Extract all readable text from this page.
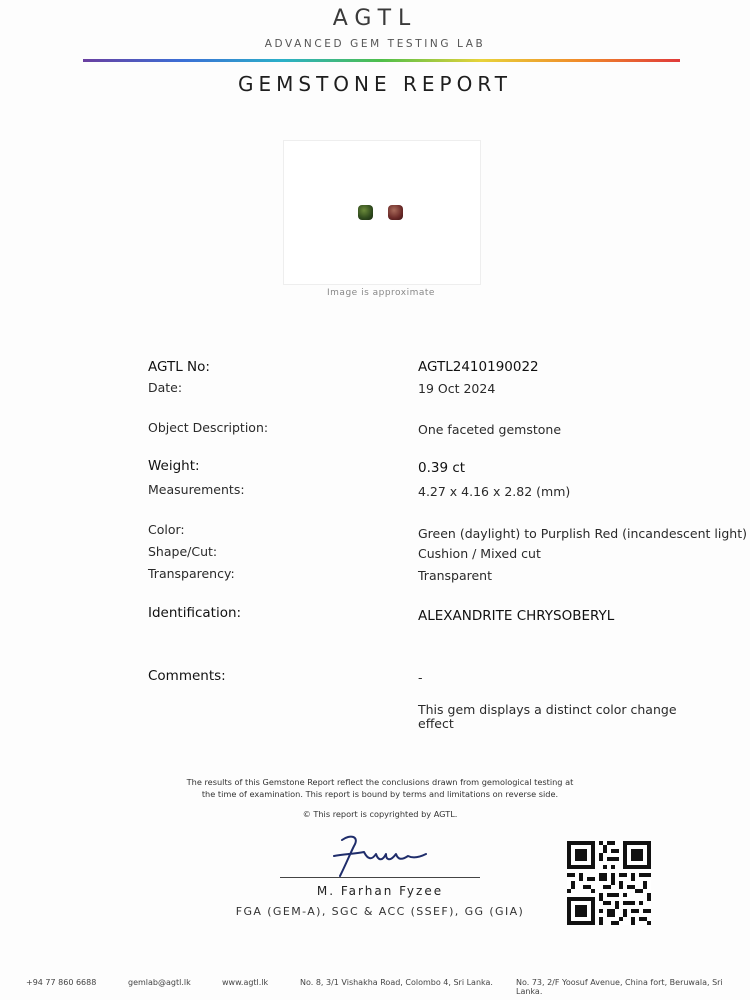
AGTL
ADVANCED GEM TESTING LAB
GEMSTONE REPORT
Image is approximate
AGTL No:	AGTL2410190022
Date:	19 Oct 2024
Object Description:	One faceted gemstone
Weight:	0.39 ct
Measurements:	4.27 x 4.16 x 2.82 (mm)
Color:	Green (daylight) to Purplish Red (incandescent light)
Shape/Cut:	Cushion / Mixed cut
Transparency:	Transparent
Identification:	ALEXANDRITE CHRYSOBERYL
Comments:	-
This gem displays a distinct color change
effect
The results of this Gemstone Report reflect the conclusions drawn from gemological testing at
the time of examination. This report is bound by terms and limitations on reverse side.
© This report is copyrighted by AGTL.
M. Farhan Fyzee
FGA (GEM-A), SGC & ACC (SSEF), GG (GIA)
+94 77 860 6688	gemlab@agtl.lk	www.agtl.lk	No. 8, 3/1 Vishakha Road, Colombo 4, Sri Lanka.	No. 73, 2/F Yoosuf Avenue, China fort, Beruwala, Sri Lanka.
